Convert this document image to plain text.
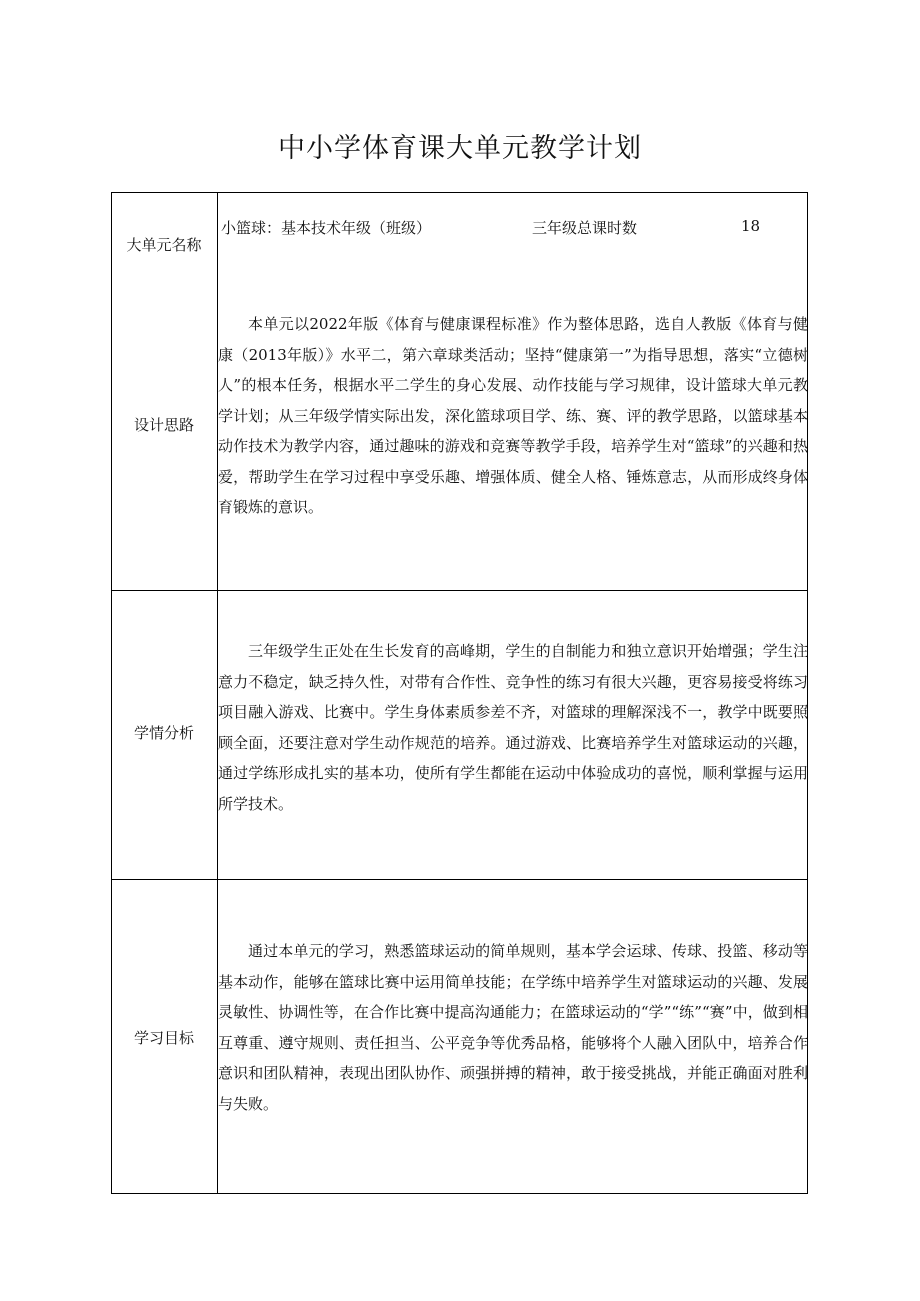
中小学体育课大单元教学计划
大单元名称
小篮球：基本技术年级（班级）	三年级总课时数	18
设计思路

本单元以2022年版《体育与健康课程标准》作为整体思路，选自人教版《体育与健康（2013年版）》水平二，第六章球类活动；坚持“健康第一”为指导思想，落实“立德树人”的根本任务，根据水平二学生的身心发展、动作技能与学习规律，设计篮球大单元教学计划；从三年级学情实际出发，深化篮球项目学、练、赛、评的教学思路，以篮球基本动作技术为教学内容，通过趣味的游戏和竞赛等教学手段，培养学生对“篮球”的兴趣和热爱，帮助学生在学习过程中享受乐趣、增强体质、健全人格、锤炼意志，从而形成终身体育锻炼的意识。

学情分析

三年级学生正处在生长发育的高峰期，学生的自制能力和独立意识开始增强；学生注意力不稳定，缺乏持久性，对带有合作性、竞争性的练习有很大兴趣，更容易接受将练习项目融入游戏、比赛中。学生身体素质参差不齐，对篮球的理解深浅不一，教学中既要照顾全面，还要注意对学生动作规范的培养。通过游戏、比赛培养学生对篮球运动的兴趣，通过学练形成扎实的基本功，使所有学生都能在运动中体验成功的喜悦，顺利掌握与运用所学技术。

学习目标

通过本单元的学习，熟悉篮球运动的简单规则，基本学会运球、传球、投篮、移动等基本动作，能够在篮球比赛中运用简单技能；在学练中培养学生对篮球运动的兴趣、发展灵敏性、协调性等，在合作比赛中提高沟通能力；在篮球运动的“学”“练”“赛”中，做到相互尊重、遵守规则、责任担当、公平竞争等优秀品格，能够将个人融入团队中，培养合作意识和团队精神，表现出团队协作、顽强拼搏的精神，敢于接受挑战，并能正确面对胜利与失败。
